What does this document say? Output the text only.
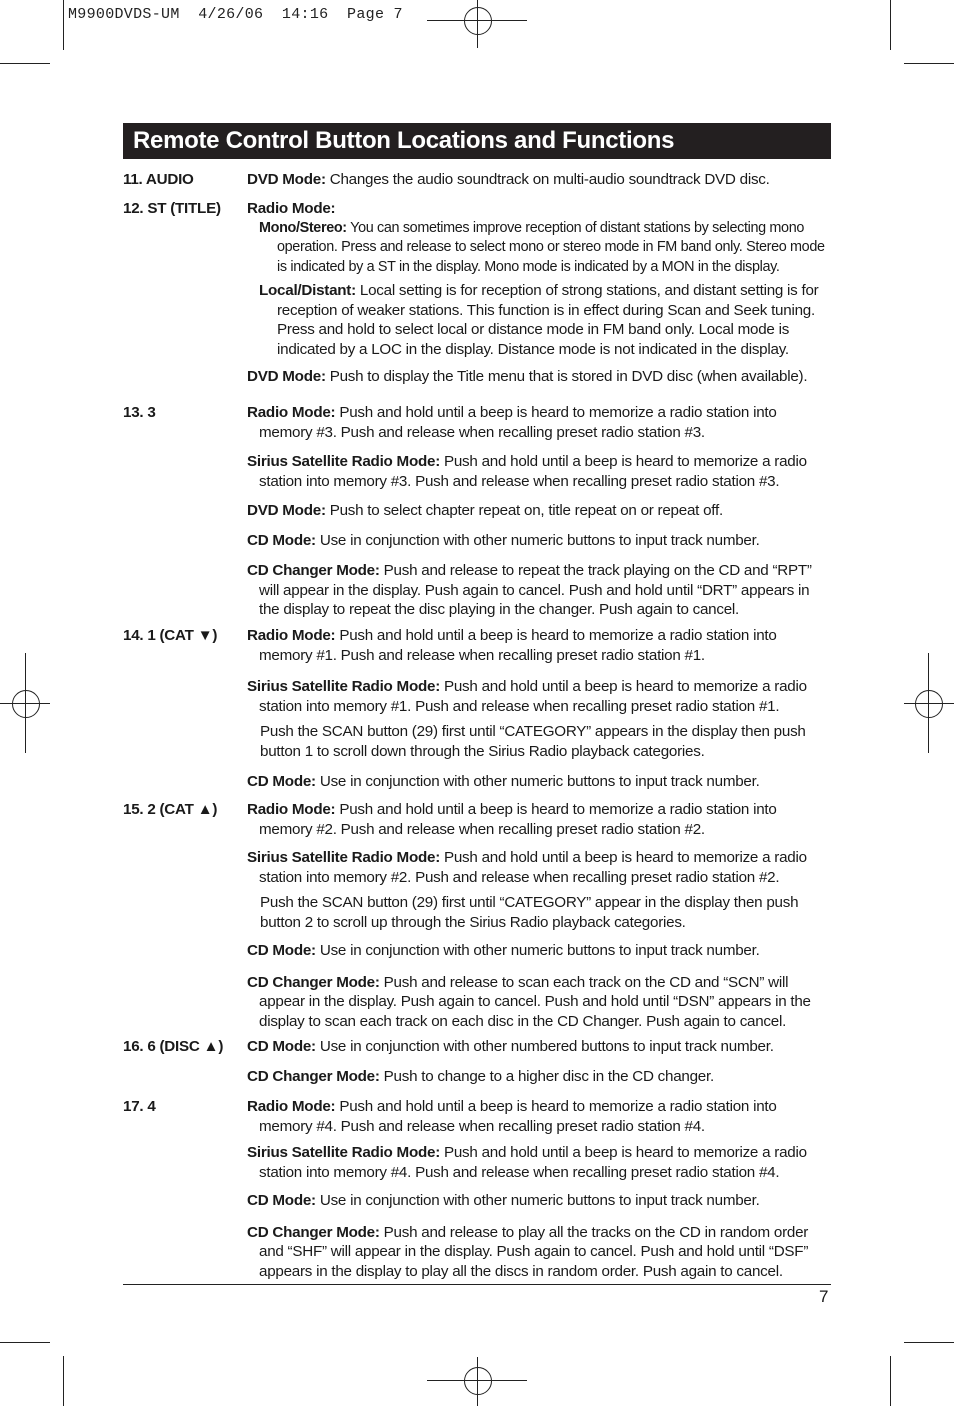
M9900DVDS-UM  4/26/06  14:16  Page 7
Remote Control Button Locations and Functions
11. AUDIO	DVD Mode: Changes the audio soundtrack on multi-audio soundtrack DVD disc.

12. ST (TITLE) Radio Mode:

Mono/Stereo: You can sometimes improve reception of distant stations by selecting mono operation. Press and release to select mono or stereo mode in FM band only. Stereo mode is indicated by a ST in the display. Mono mode is indicated by a MON in the display.

Local/Distant: Local setting is for reception of strong stations, and distant setting is for reception of weaker stations. This function is in effect during Scan and Seek tuning. Press and hold to select local or distance mode in FM band only. Local mode is indicated by a LOC in the display. Distance mode is not indicated in the display.

DVD Mode: Push to display the Title menu that is stored in DVD disc (when available).

13. 3	Radio Mode: Push and hold until a beep is heard to memorize a radio station into memory #3. Push and release when recalling preset radio station #3.

Sirius Satellite Radio Mode: Push and hold until a beep is heard to memorize a radio station into memory #3. Push and release when recalling preset radio station #3.

DVD Mode: Push to select chapter repeat on, title repeat on or repeat off.

CD Mode: Use in conjunction with other numeric buttons to input track number.

CD Changer Mode: Push and release to repeat the track playing on the CD and “RPT” will appear in the display. Push again to cancel. Push and hold until “DRT” appears in the display to repeat the disc playing in the changer. Push again to cancel.

14. 1 (CAT ▼) Radio Mode: Push and hold until a beep is heard to memorize a radio station into memory #1. Push and release when recalling preset radio station #1.

Sirius Satellite Radio Mode: Push and hold until a beep is heard to memorize a radio station into memory #1. Push and release when recalling preset radio station #1.

Push the SCAN button (29) first until “CATEGORY” appears in the display then push button 1 to scroll down through the Sirius Radio playback categories.

CD Mode: Use in conjunction with other numeric buttons to input track number.

15. 2 (CAT ▲) Radio Mode: Push and hold until a beep is heard to memorize a radio station into memory #2. Push and release when recalling preset radio station #2.

Sirius Satellite Radio Mode: Push and hold until a beep is heard to memorize a radio station into memory #2. Push and release when recalling preset radio station #2.

Push the SCAN button (29) first until “CATEGORY” appear in the display then push button 2 to scroll up through the Sirius Radio playback categories.

CD Mode: Use in conjunction with other numeric buttons to input track number.

CD Changer Mode: Push and release to scan each track on the CD and “SCN” will appear in the display. Push again to cancel. Push and hold until “DSN” appears in the display to scan each track on each disc in the CD Changer. Push again to cancel.

16. 6 (DISC ▲) CD Mode: Use in conjunction with other numbered buttons to input track number.

CD Changer Mode: Push to change to a higher disc in the CD changer.

17. 4	Radio Mode: Push and hold until a beep is heard to memorize a radio station into memory #4. Push and release when recalling preset radio station #4.

Sirius Satellite Radio Mode: Push and hold until a beep is heard to memorize a radio station into memory #4. Push and release when recalling preset radio station #4.

CD Mode: Use in conjunction with other numeric buttons to input track number.

CD Changer Mode: Push and release to play all the tracks on the CD in random order and “SHF” will appear in the display. Push again to cancel. Push and hold until “DSF” appears in the display to play all the discs in random order. Push again to cancel.

7
